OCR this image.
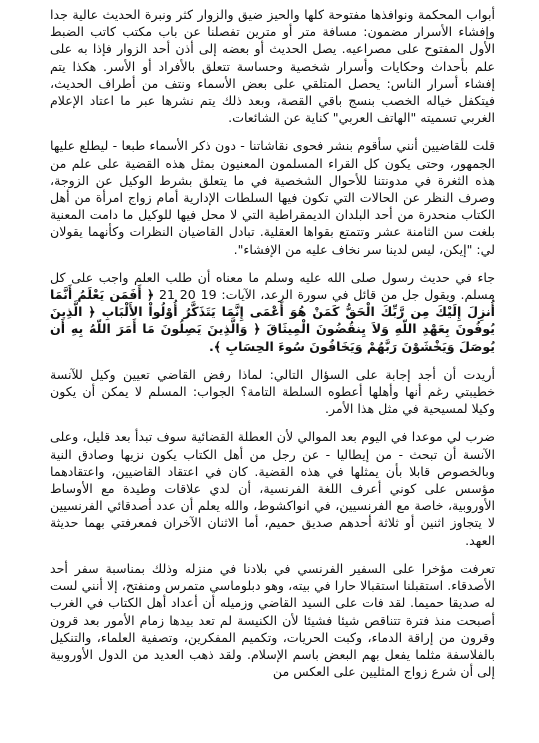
أبواب المحكمة ونوافذها مفتوحة كلها والحيز ضيق والزوار كثر ونبرة الحديث عالية جدا وإفشاء الأسرار مضمون: مسافة متر أو مترين تفصلنا عن باب مكتب كاتب الضبط الأول المفتوح على مصراعيه. يصل الحديث أو بعضه إلى أذن أحد الزوار فإذا به على علم بأحداث وحكايات وأسرار شخصية وحساسة تتعلق بالأفراد أو الأسر. هكذا يتم إفشاء أسرار الناس: يحصل المتلقي على بعض الأسماء ونتف من أطراف الحديث، فيتكفل خياله الخصب بنسج باقي القصة، وبعد ذلك يتم نشرها عبر ما اعتاد الإعلام الغربي تسميته "الهاتف العربي" كناية عن الشائعات.

قلت للقاضيين أنني سأقوم بنشر فحوى نقاشاتنا - دون ذكر الأسماء طبعا - ليطلع عليها الجمهور، وحتى يكون كل القراء المسلمون المعنيون بمثل هذه القضية على علم من هذه الثغرة في مدونتنا للأحوال الشخصية في ما يتعلق بشرط الوكيل عن الزوجة، وصرف النظر عن الحالات التي تكون فيها السلطات الإدارية أمام زواج امرأة من أهل الكتاب منحدرة من أحد البلدان الديمقراطية التي لا محل فيها للوكيل ما دامت المعنية بلغت سن الثامنة عشر وتتمتع بقواها العقلية. تبادل القاضيان النظرات وكأنهما يقولان لي: "إيكن، ليس لدينا سر نخاف عليه من الإفشاء".

جاء في حديث رسول صلى الله عليه وسلم ما معناه أن طلب العلم واجب على كل مسلم. ويقول جل من قائل في سورة الرعد، الآيات: 19 20 21 ﴿ أَفَمَن يَعْلَمُ أَنَّمَا أُنزِلَ إِلَيْكَ مِن رَّبِّكَ الْحَقُّ كَمَنْ هُوَ أَعْمَى إِنَّمَا يَتَذَكَّرُ أُوْلُواْ الأَلْبَابِ ﴿ الَّذِينَ يُوفُونَ بِعَهْدِ اللّهِ وَلاَ يِنقُضُونَ الْمِيثَاقَ ﴿ وَالَّذِينَ يَصِلُونَ مَا أَمَرَ اللّهُ بِهِ أَن يُوصَلَ وَيَخْشَوْنَ رَبَّهُمْ وَيَخَافُونَ سُوءَ الحِسَابِ ﴾.

أريدت أن أجد إجابة على السؤال التالي: لماذا رفض القاضي تعيين وكيل للآنسة خطيبتي رغم أنها وأهلها أعطوه السلطة التامة؟ الجواب: المسلم لا يمكن أن يكون وكيلا لمسيحية في مثل هذا الأمر.

ضرب لي موعدا في اليوم بعد الموالي لأن العطلة القضائية سوف تبدأ بعد قليل، وعلى الآنسة أن تبحث - من إيطاليا - عن رجل من أهل الكتاب يكون نزيها وصادق النية وبالخصوص قابلا بأن يمثلها في هذه القضية. كان في اعتقاد القاضيين، واعتقادهما مؤسس على كوني أعرف اللغة الفرنسية، أن لدي علاقات وطيدة مع الأوساط الأوروبية، خاصة مع الفرنسيين، في انواكشوط، والله يعلم أن عدد أصدقائي الفرنسيين لا يتجاوز اثنين أو ثلاثة أحدهم صديق حميم، أما الاثنان الآخران فمعرفتي بهما حديثة العهد.

تعرفت مؤخرا على السفير الفرنسي في بلادنا في منزله وذلك بمناسبة سفر أحد الأصدقاء. استقبلنا استقبالا حارا في بيته، وهو دبلوماسي متمرس ومنفتح، إلا أنني لست له صديقا حميما. لقد فات على السيد القاضي وزميله أن أعداد أهل الكتاب في الغرب أصبحت منذ فترة تتناقص شيئا فشيئا لأن الكنيسة لم تعد بيدها زمام الأمور بعد قرون وقرون من إراقة الدماء، وكبت الحريات، وتكميم المفكرين، وتصفية العلماء، والتنكيل بالفلاسفة مثلما يفعل بهم البعض باسم الإسلام. ولقد ذهب العديد من الدول الأوروبية إلى أن شرع زواج المثليين على العكس من
